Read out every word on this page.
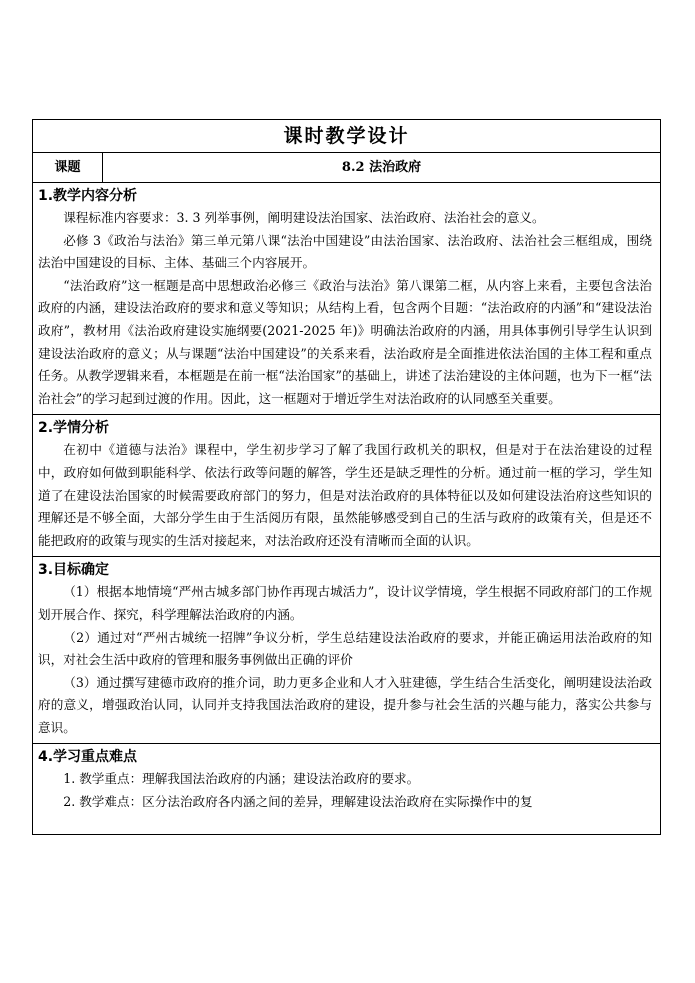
课时教学设计
课题	8.2 法治政府
1.教学内容分析

课程标准内容要求：3. 3 列举事例，阐明建设法治国家、法治政府、法治社会的意义。

必修 3《政治与法治》第三单元第八课“法治中国建设”由法治国家、法治政府、法治社会三框组成，围绕法治中国建设的目标、主体、基础三个内容展开。

“法治政府”这一框题是高中思想政治必修三《政治与法治》第八课第二框，从内容上来看，主要包含法治政府的内涵，建设法治政府的要求和意义等知识；从结构上看，包含两个目题：“法治政府的内涵”和“建设法治政府”，教材用《法治政府建设实施纲要(2021-2025 年)》明确法治政府的内涵，用具体事例引导学生认识到建设法治政府的意义；从与课题“法治中国建设”的关系来看，法治政府是全面推进依法治国的主体工程和重点任务。从教学逻辑来看，本框题是在前一框“法治国家”的基础上，讲述了法治建设的主体问题，也为下一框“法治社会”的学习起到过渡的作用。因此，这一框题对于增近学生对法治政府的认同感至关重要。

2.学情分析

在初中《道德与法治》课程中，学生初步学习了解了我国行政机关的职权，但是对于在法治建设的过程中，政府如何做到职能科学、依法行政等问题的解答，学生还是缺乏理性的分析。通过前一框的学习，学生知道了在建设法治国家的时候需要政府部门的努力，但是对法治政府的具体特征以及如何建设法治府这些知识的理解还是不够全面，大部分学生由于生活阅历有限，虽然能够感受到自己的生活与政府的政策有关，但是还不能把政府的政策与现实的生活对接起来，对法治政府还没有清晰而全面的认识。

3.目标确定

（1）根据本地情境“严州古城多部门协作再现古城活力”，设计议学情境，学生根据不同政府部门的工作规划开展合作、探究，科学理解法治政府的内涵。

（2）通过对“严州古城统一招牌”争议分析，学生总结建设法治政府的要求，并能正确运用法治政府的知识，对社会生活中政府的管理和服务事例做出正确的评价

（3）通过撰写建德市政府的推介词，助力更多企业和人才入驻建德，学生结合生活变化，阐明建设法治政府的意义，增强政治认同，认同并支持我国法治政府的建设，提升参与社会生活的兴趣与能力，落实公共参与意识。

4.学习重点难点

1. 教学重点：理解我国法治政府的内涵；建设法治政府的要求。

2. 教学难点：区分法治政府各内涵之间的差异，理解建设法治政府在实际操作中的复
